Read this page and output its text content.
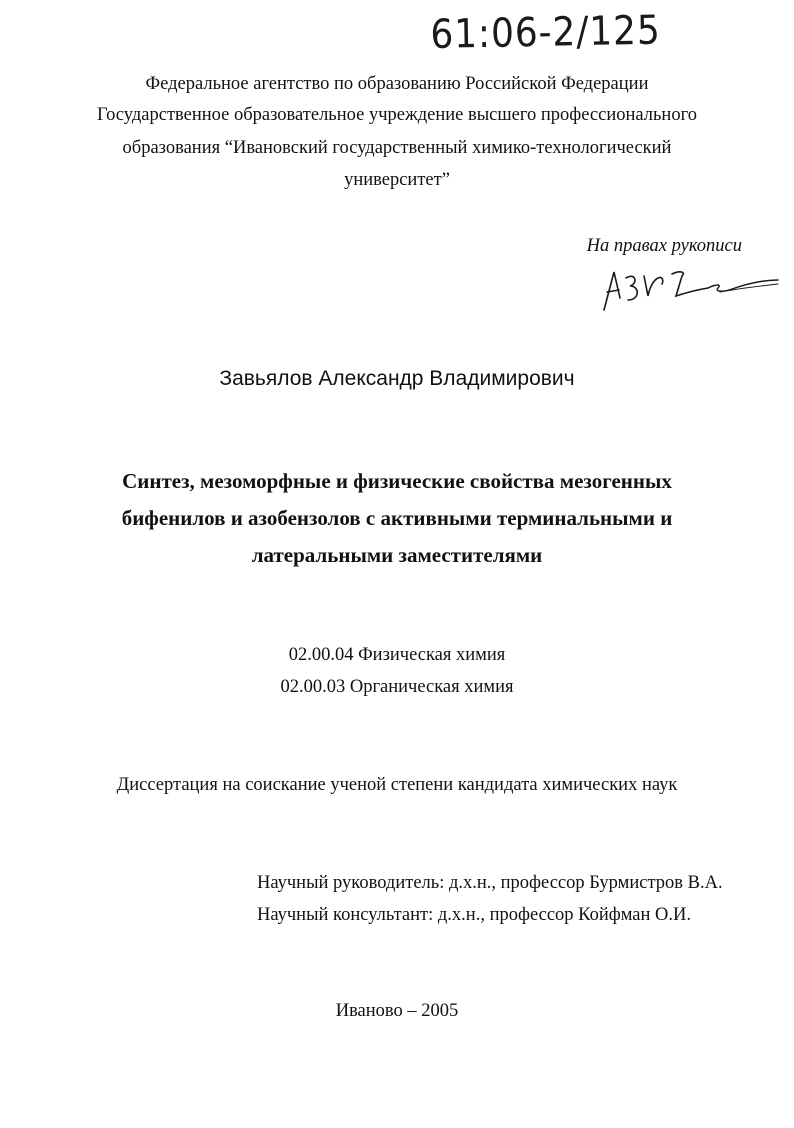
61:06-2/125

Федеральное агентство по образованию Российской Федерации

Государственное образовательное учреждение высшего профессионального

образования “Ивановский государственный химико-технологический

университет”

На правах рукописи

Завьялов Александр Владимирович

Синтез, мезоморфные и физические свойства мезогенных

бифенилов и азобензолов с активными терминальными и

латеральными заместителями

02.00.04 Физическая химия

02.00.03 Органическая химия

Диссертация на соискание ученой степени кандидата химических наук

Научный руководитель: д.х.н., профессор Бурмистров В.А.

Научный консультант: д.х.н., профессор Койфман О.И.

Иваново – 2005
